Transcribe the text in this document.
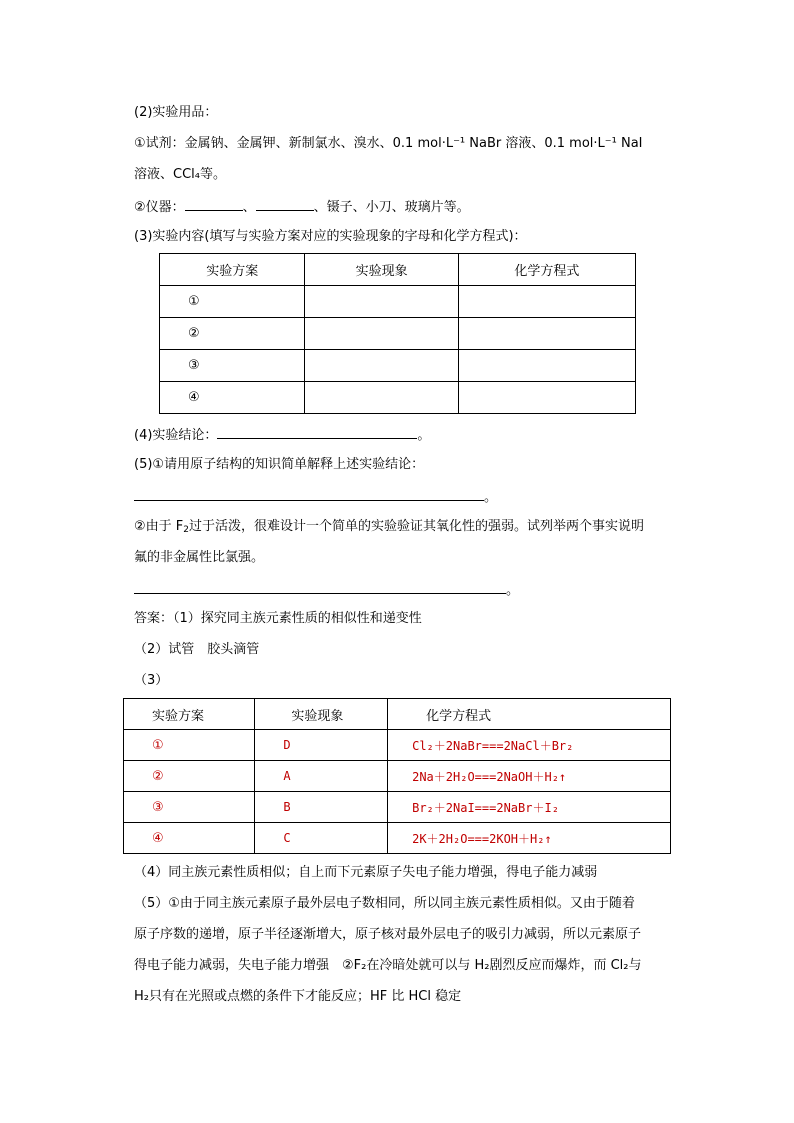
(2)实验用品：
①试剂：金属钠、金属钾、新制氯水、溴水、0.1 mol·L⁻¹ NaBr 溶液、0.1 mol·L⁻¹ NaI
溶液、CCl₄等。
②仪器：	、	、镊子、小刀、玻璃片等。
(3)实验内容(填写与实验方案对应的实验现象的字母和化学方程式)：
实验方案	实验现象	化学方程式
①		
②		
③		
④		
(4)实验结论：	。
(5)①请用原子结构的知识简单解释上述实验结论：
。
②由于 $F_2$过于活泼，很难设计一个简单的实验验证其氧化性的强弱。试列举两个事实说明
氟的非金属性比氯强。
。
答案：（1）探究同主族元素性质的相似性和递变性
（2）试管　胶头滴管
（3）
实验方案	实验现象	化学方程式
①	D	Cl₂＋2NaBr===2NaCl＋Br₂
②	A	2Na＋2H₂O===2NaOH＋H₂↑
③	B	Br₂＋2NaI===2NaBr＋I₂
④	C	2K＋2H₂O===2KOH＋H₂↑
（4）同主族元素性质相似；自上而下元素原子失电子能力增强，得电子能力减弱
（5）①由于同主族元素原子最外层电子数相同，所以同主族元素性质相似。又由于随着
原子序数的递增，原子半径逐渐增大，原子核对最外层电子的吸引力减弱，所以元素原子
得电子能力减弱，失电子能力增强　②F₂在冷暗处就可以与 H₂剧烈反应而爆炸，而 Cl₂与
H₂只有在光照或点燃的条件下才能反应；HF 比 HCl 稳定
